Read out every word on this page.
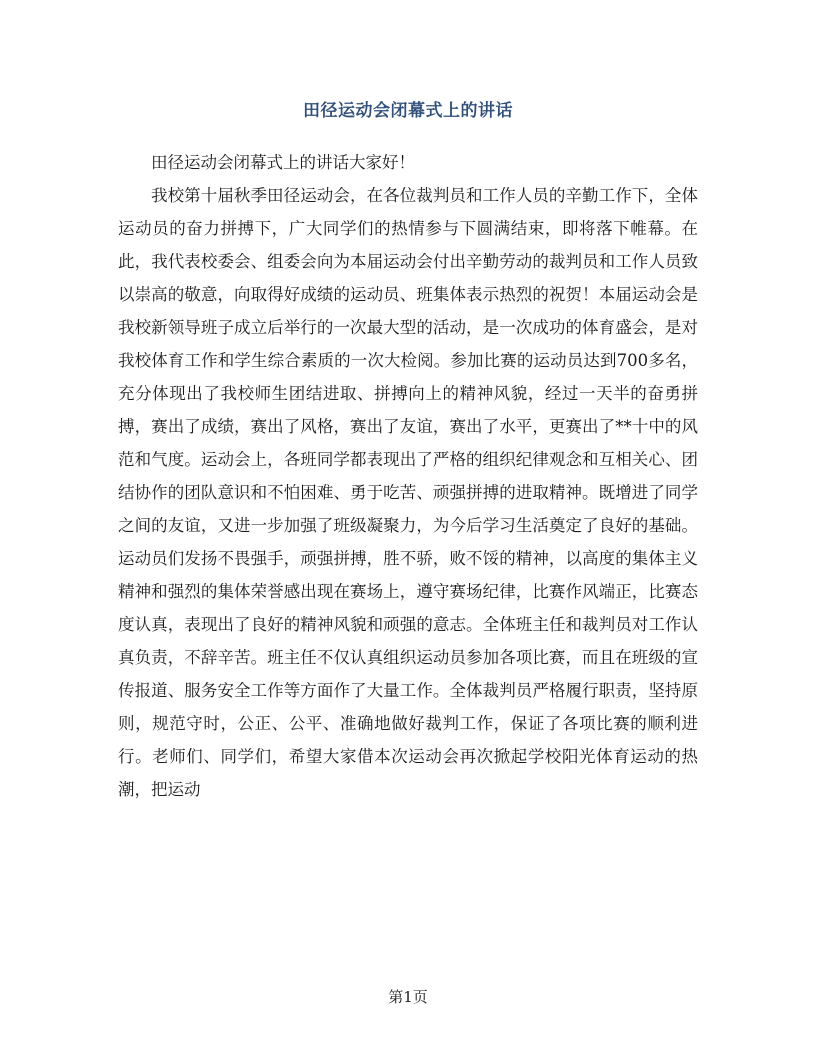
田径运动会闭幕式上的讲话

田径运动会闭幕式上的讲话大家好！

我校第十届秋季田径运动会，在各位裁判员和工作人员的辛勤工作下，全体运动员的奋力拼搏下，广大同学们的热情参与下圆满结束，即将落下帷幕。在此，我代表校委会、组委会向为本届运动会付出辛勤劳动的裁判员和工作人员致以崇高的敬意，向取得好成绩的运动员、班集体表示热烈的祝贺！本届运动会是我校新领导班子成立后举行的一次最大型的活动，是一次成功的体育盛会，是对我校体育工作和学生综合素质的一次大检阅。参加比赛的运动员达到700多名，充分体现出了我校师生团结进取、拼搏向上的精神风貌，经过一天半的奋勇拼搏，赛出了成绩，赛出了风格，赛出了友谊，赛出了水平，更赛出了**十中的风范和气度。运动会上，各班同学都表现出了严格的组织纪律观念和互相关心、团结协作的团队意识和不怕困难、勇于吃苦、顽强拼搏的进取精神。既增进了同学之间的友谊，又进一步加强了班级凝聚力，为今后学习生活奠定了良好的基础。运动员们发扬不畏强手，顽强拼搏，胜不骄，败不馁的精神，以高度的集体主义精神和强烈的集体荣誉感出现在赛场上，遵守赛场纪律，比赛作风端正，比赛态度认真，表现出了良好的精神风貌和顽强的意志。全体班主任和裁判员对工作认真负责，不辞辛苦。班主任不仅认真组织运动员参加各项比赛，而且在班级的宣传报道、服务安全工作等方面作了大量工作。全体裁判员严格履行职责，坚持原则，规范守时，公正、公平、准确地做好裁判工作，保证了各项比赛的顺利进行。老师们、同学们，希望大家借本次运动会再次掀起学校阳光体育运动的热潮，把运动

第1页
